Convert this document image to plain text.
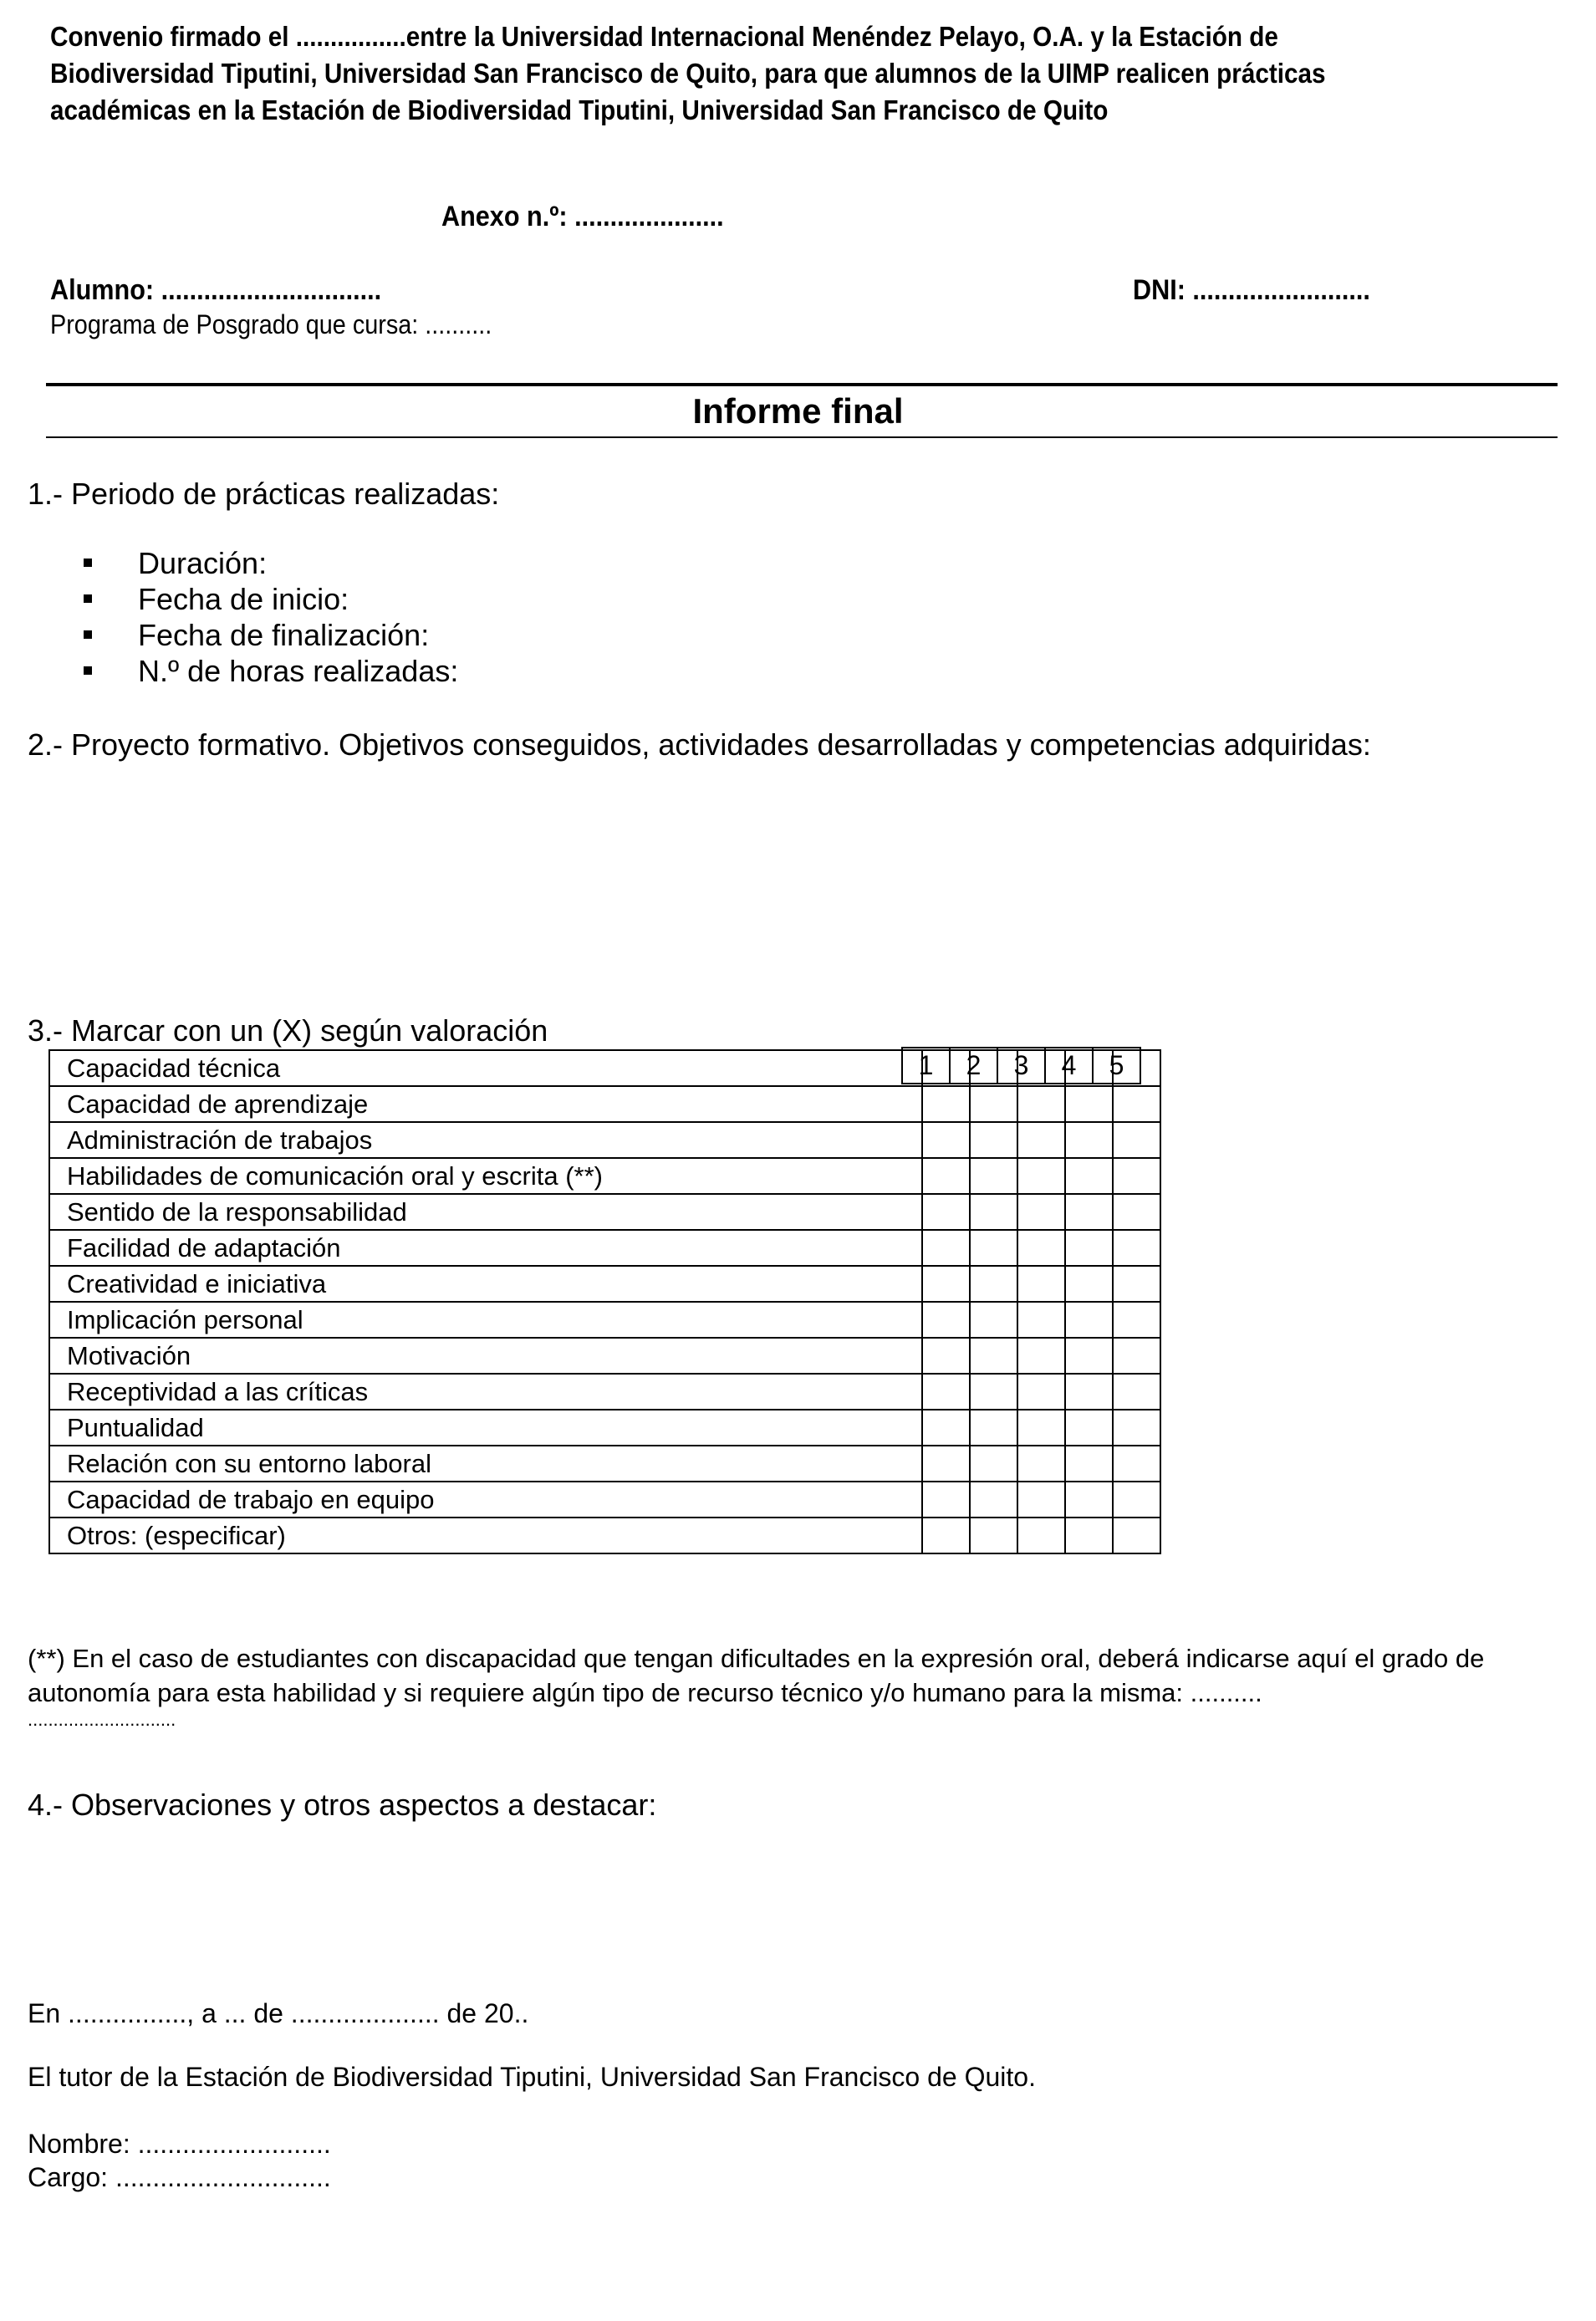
Convenio firmado el ................entre la Universidad Internacional Menéndez Pelayo, O.A. y la Estación de Biodiversidad Tiputini, Universidad San Francisco de Quito, para que alumnos de la UIMP realicen prácticas académicas en la Estación de Biodiversidad Tiputini, Universidad San Francisco de Quito
Anexo n.º: .....................
Alumno: ...............................	DNI: .........................
Programa de Posgrado que cursa: ..........
Informe final
1.- Periodo de prácticas realizadas:
Duración:
Fecha de inicio:
Fecha de finalización:
N.º de horas realizadas:
2.- Proyecto formativo. Objetivos conseguidos, actividades desarrolladas y competencias adquiridas:
3.- Marcar con un (X) según valoración
1	2	3	4	5
Capacidad técnica					
Capacidad de aprendizaje					
Administración de trabajos					
Habilidades de comunicación oral y escrita (**)					
Sentido de la responsabilidad					
Facilidad de adaptación					
Creatividad e iniciativa					
Implicación personal					
Motivación					
Receptividad a las críticas					
Puntualidad					
Relación con su entorno laboral					
Capacidad de trabajo en equipo					
Otros: (especificar)					
(**) En el caso de estudiantes con discapacidad que tengan dificultades en la expresión oral, deberá indicarse aquí el grado de autonomía para esta habilidad y si requiere algún tipo de recurso técnico y/o humano para la misma: ..........
.............................
4.- Observaciones y otros aspectos a destacar:
En ................, a ... de .................... de 20..
El tutor de la Estación de Biodiversidad Tiputini, Universidad San Francisco de Quito.
Nombre: ..........................
Cargo: .............................
